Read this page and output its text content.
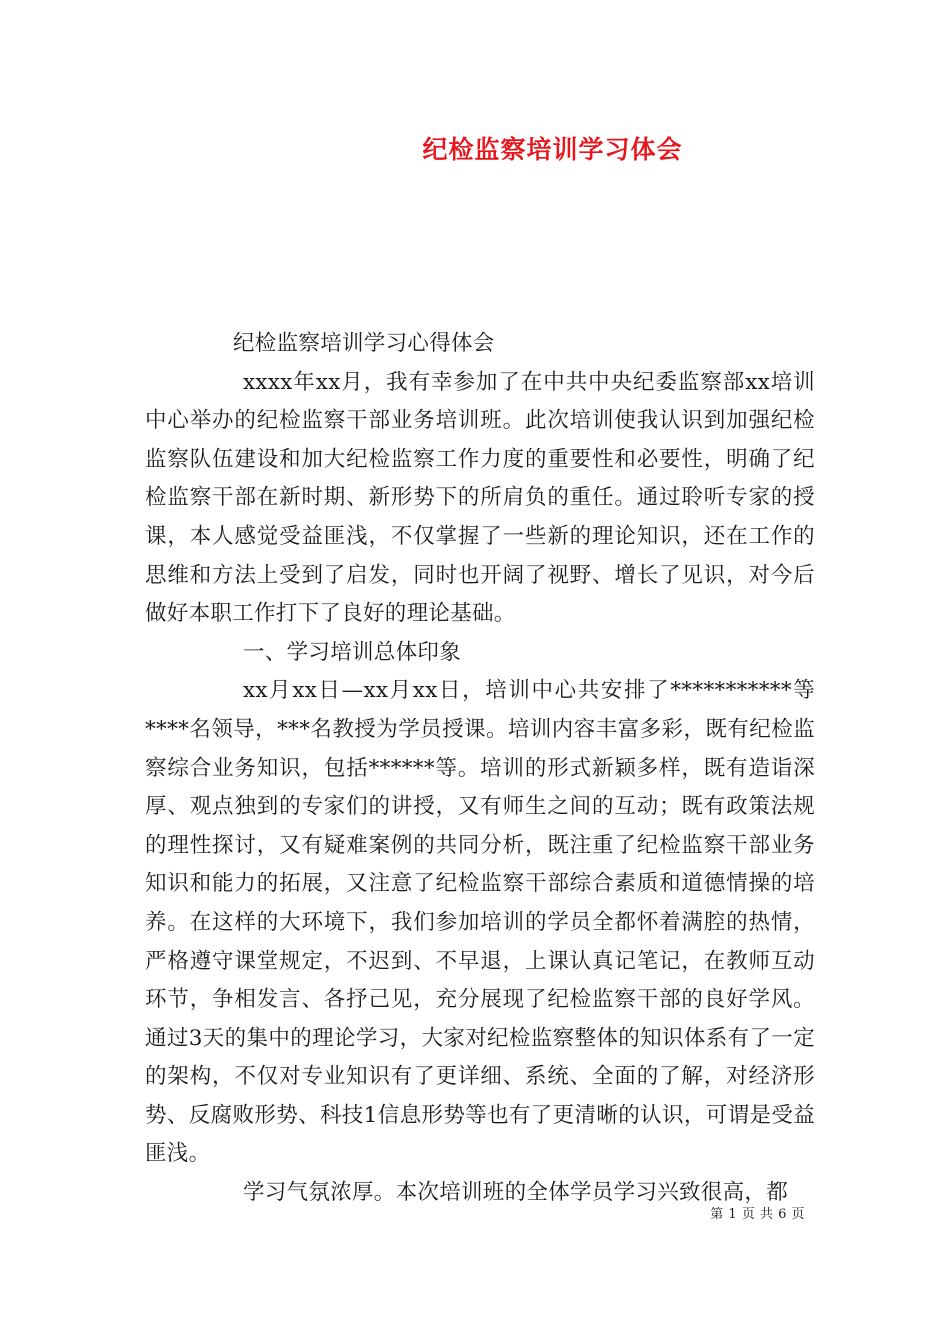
纪检监察培训学习体会

纪检监察培训学习心得体会

xxxx年xx月，我有幸参加了在中共中央纪委监察部xx培训中心举办的纪检监察干部业务培训班。此次培训使我认识到加强纪检监察队伍建设和加大纪检监察工作力度的重要性和必要性，明确了纪检监察干部在新时期、新形势下的所肩负的重任。通过聆听专家的授课，本人感觉受益匪浅，不仅掌握了一些新的理论知识，还在工作的思维和方法上受到了启发，同时也开阔了视野、增长了见识，对今后做好本职工作打下了良好的理论基础。

一、学习培训总体印象

xx月xx日—xx月xx日，培训中心共安排了***********等****名领导，***名教授为学员授课。培训内容丰富多彩，既有纪检监察综合业务知识，包括******等。培训的形式新颖多样，既有造诣深厚、观点独到的专家们的讲授，又有师生之间的互动；既有政策法规的理性探讨，又有疑难案例的共同分析，既注重了纪检监察干部业务知识和能力的拓展，又注意了纪检监察干部综合素质和道德情操的培养。在这样的大环境下，我们参加培训的学员全都怀着满腔的热情，严格遵守课堂规定，不迟到、不早退，上课认真记笔记，在教师互动环节，争相发言、各抒己见，充分展现了纪检监察干部的良好学风。通过3天的集中的理论学习，大家对纪检监察整体的知识体系有了一定的架构，不仅对专业知识有了更详细、系统、全面的了解，对经济形势、反腐败形势、科技1信息形势等也有了更清晰的认识，可谓是受益匪浅。

学习气氛浓厚。本次培训班的全体学员学习兴致很高，都

第 1 页 共 6 页
